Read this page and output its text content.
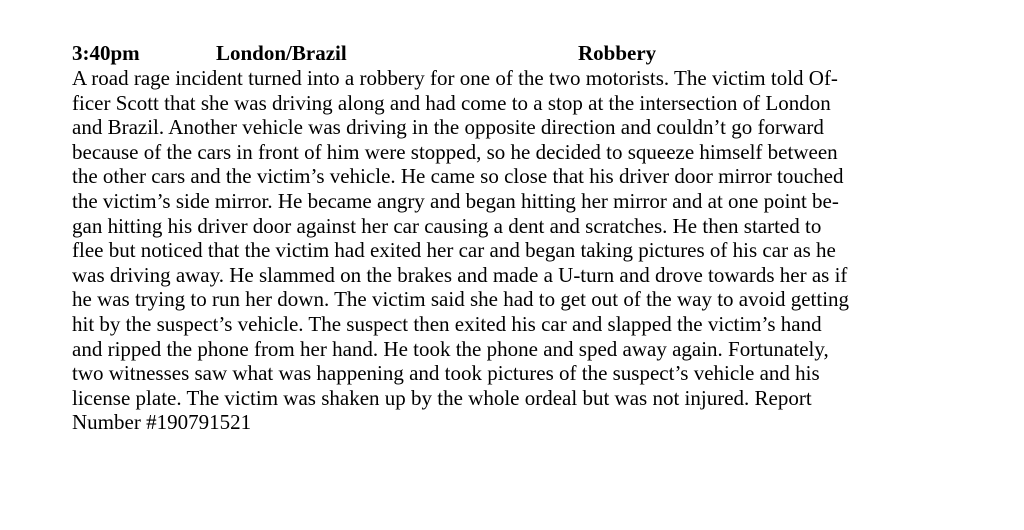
3:40pm	London/Brazil	Robbery
A road rage incident turned into a robbery for one of the two motorists. The victim told Of-
ficer Scott that she was driving along and had come to a stop at the intersection of London
and Brazil. Another vehicle was driving in the opposite direction and couldn’t go forward
because of the cars in front of him were stopped, so he decided to squeeze himself between
the other cars and the victim’s vehicle. He came so close that his driver door mirror touched
the victim’s side mirror. He became angry and began hitting her mirror and at one point be-
gan hitting his driver door against her car causing a dent and scratches. He then started to
flee but noticed that the victim had exited her car and began taking pictures of his car as he
was driving away. He slammed on the brakes and made a U-turn and drove towards her as if
he was trying to run her down. The victim said she had to get out of the way to avoid getting
hit by the suspect’s vehicle. The suspect then exited his car and slapped the victim’s hand
and ripped the phone from her hand. He took the phone and sped away again. Fortunately,
two witnesses saw what was happening and took pictures of the suspect’s vehicle and his
license plate. The victim was shaken up by the whole ordeal but was not injured. Report
Number #190791521
